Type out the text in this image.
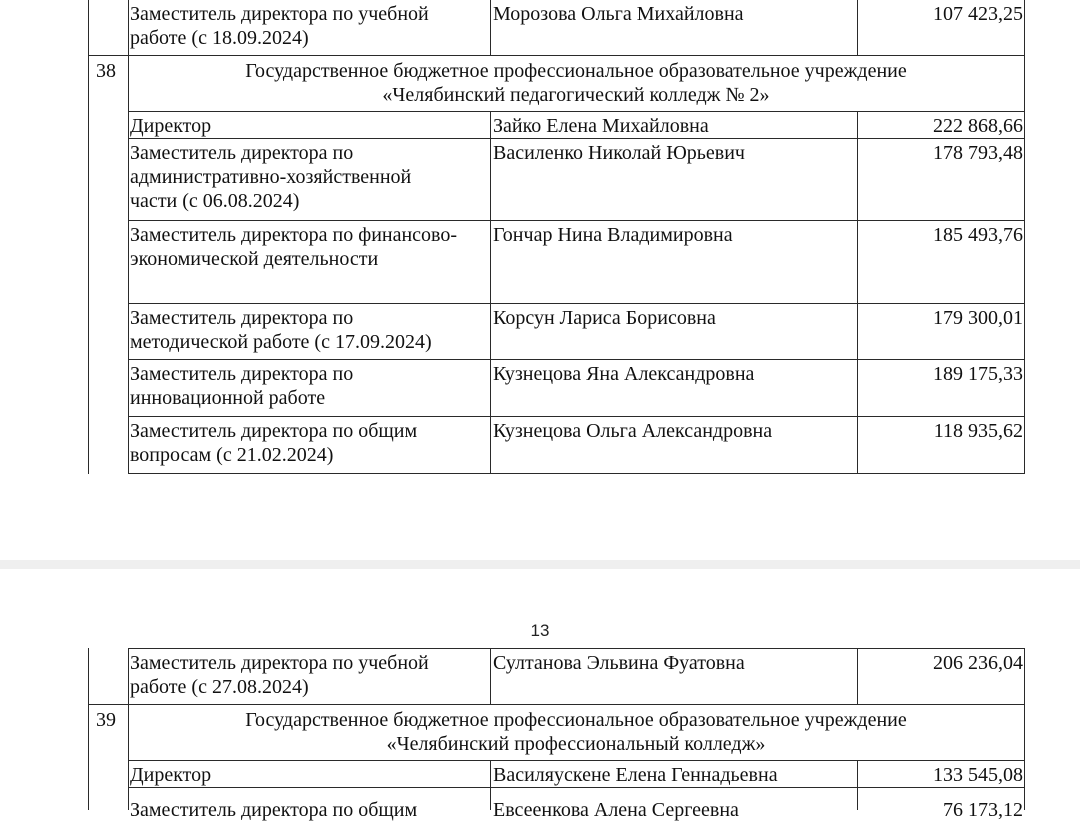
Заместитель директора по учебной
работе (с 18.09.2024)
Морозова Ольга Михайловна	107 423,25
38	Государственное бюджетное профессиональное образовательное учреждение
«Челябинский педагогический колледж № 2»
Директор	Зайко Елена Михайловна	222 868,66
Заместитель директора по
административно-хозяйственной
части (с 06.08.2024)
Василенко Николай Юрьевич	178 793,48
Заместитель директора по финансово-
экономической деятельности
Гончар Нина Владимировна	185 493,76
Заместитель директора по
методической работе (с 17.09.2024)
Корсун Лариса Борисовна	179 300,01
Заместитель директора по
инновационной работе
Кузнецова Яна Александровна	189 175,33
Заместитель директора по общим
вопросам (с 21.02.2024)
Кузнецова Ольга Александровна	118 935,62
13
Заместитель директора по учебной
работе (с 27.08.2024)
Султанова Эльвина Фуатовна	206 236,04
39	Государственное бюджетное профессиональное образовательное учреждение
«Челябинский профессиональный колледж»
Директор	Василяускене Елена Геннадьевна	133 545,08
Заместитель директора по общим	Евсеенкова Алена Сергеевна	76 173,12
